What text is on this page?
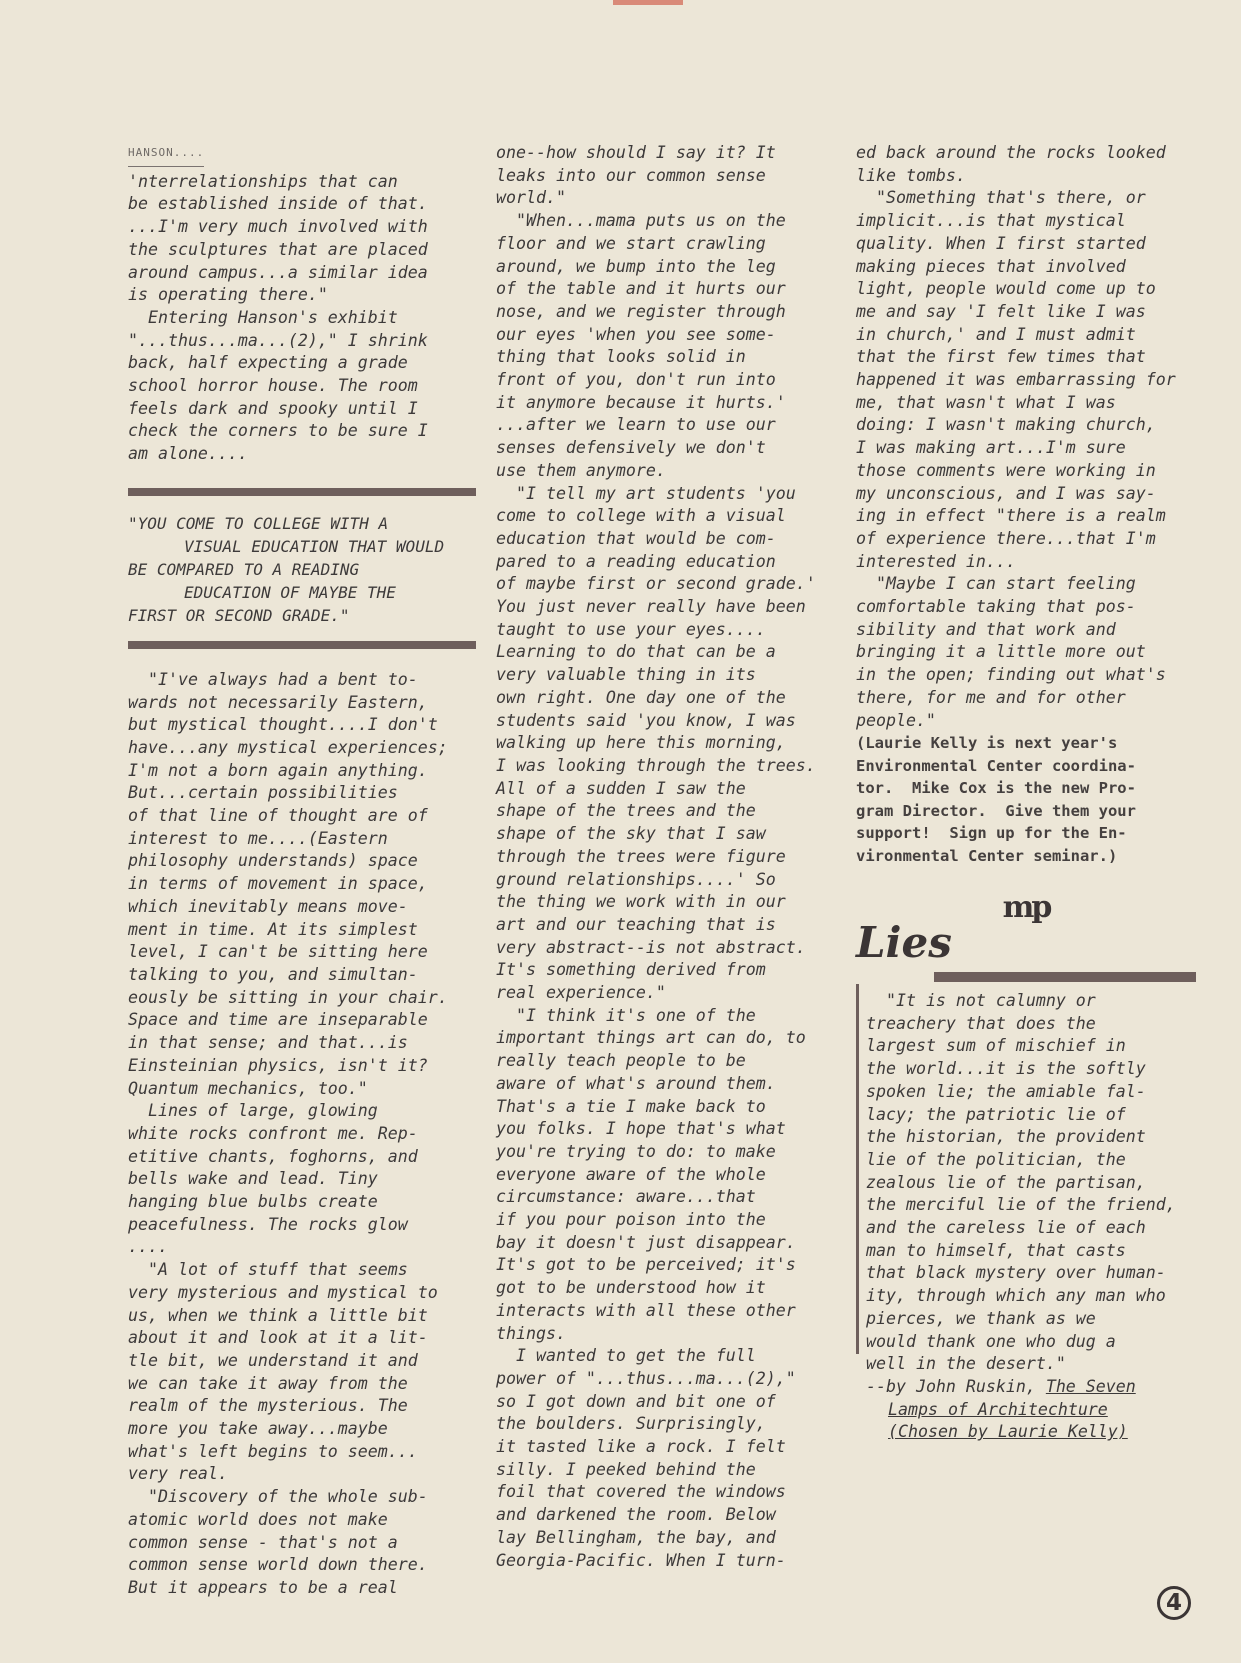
HANSON....

'nterrelationships that can
be established inside of that.
...I'm very much involved with
the sculptures that are placed
around campus...a similar idea
is operating there."

Entering Hanson's exhibit
"...thus...ma...(2)," I shrink
back, half expecting a grade
school horror house. The room
feels dark and spooky until I
check the corners to be sure I
am alone....

"YOU COME TO COLLEGE WITH A

VISUAL EDUCATION THAT WOULD

BE COMPARED TO A READING

EDUCATION OF MAYBE THE

FIRST OR SECOND GRADE."

"I've always had a bent to-
wards not necessarily Eastern,
but mystical thought....I don't
have...any mystical experiences;
I'm not a born again anything.
But...certain possibilities
of that line of thought are of
interest to me....(Eastern
philosophy understands) space
in terms of movement in space,
which inevitably means move-
ment in time. At its simplest
level, I can't be sitting here
talking to you, and simultan-
eously be sitting in your chair.
Space and time are inseparable
in that sense; and that...is
Einsteinian physics, isn't it?
Quantum mechanics, too."

Lines of large, glowing
white rocks confront me. Rep-
etitive chants, foghorns, and
bells wake and lead. Tiny
hanging blue bulbs create
peacefulness. The rocks glow
....

"A lot of stuff that seems
very mysterious and mystical to
us, when we think a little bit
about it and look at it a lit-
tle bit, we understand it and
we can take it away from the
realm of the mysterious. The
more you take away...maybe
what's left begins to seem...
very real.

"Discovery of the whole sub-
atomic world does not make
common sense - that's not a
common sense world down there.
But it appears to be a real

one--how should I say it? It
leaks into our common sense
world."

"When...mama puts us on the
floor and we start crawling
around, we bump into the leg
of the table and it hurts our
nose, and we register through
our eyes 'when you see some-
thing that looks solid in
front of you, don't run into
it anymore because it hurts.'
...after we learn to use our
senses defensively we don't
use them anymore.

"I tell my art students 'you
come to college with a visual
education that would be com-
pared to a reading education
of maybe first or second grade.'
You just never really have been
taught to use your eyes....
Learning to do that can be a
very valuable thing in its
own right. One day one of the
students said 'you know, I was
walking up here this morning,
I was looking through the trees.
All of a sudden I saw the
shape of the trees and the
shape of the sky that I saw
through the trees were figure
ground relationships....' So
the thing we work with in our
art and our teaching that is
very abstract--is not abstract.
It's something derived from
real experience."

"I think it's one of the
important things art can do, to
really teach people to be
aware of what's around them.
That's a tie I make back to
you folks. I hope that's what
you're trying to do: to make
everyone aware of the whole
circumstance: aware...that
if you pour poison into the
bay it doesn't just disappear.
It's got to be perceived; it's
got to be understood how it
interacts with all these other
things.

I wanted to get the full
power of "...thus...ma...(2),"
so I got down and bit one of
the boulders. Surprisingly,
it tasted like a rock. I felt
silly. I peeked behind the
foil that covered the windows
and darkened the room. Below
lay Bellingham, the bay, and
Georgia-Pacific. When I turn-

ed back around the rocks looked
like tombs.

"Something that's there, or
implicit...is that mystical
quality. When I first started
making pieces that involved
light, people would come up to
me and say 'I felt like I was
in church,' and I must admit
that the first few times that
happened it was embarrassing for
me, that wasn't what I was
doing: I wasn't making church,
I was making art...I'm sure
those comments were working in
my unconscious, and I was say-
ing in effect "there is a realm
of experience there...that I'm
interested in...

"Maybe I can start feeling
comfortable taking that pos-
sibility and that work and
bringing it a little more out
in the open; finding out what's
there, for me and for other
people."

(Laurie Kelly is next year's
Environmental Center coordina-
tor.  Mike Cox is the new Pro-
gram Director.  Give them your
support!  Sign up for the En-
vironmental Center seminar.)

mp
Lies

"It is not calumny or
treachery that does the
largest sum of mischief in
the world...it is the softly
spoken lie; the amiable fal-
lacy; the patriotic lie of
the historian, the provident
lie of the politician, the
zealous lie of the partisan,
the merciful lie of the friend,
and the careless lie of each
man to himself, that casts
that black mystery over human-
ity, through which any man who
pierces, we thank as we
would thank one who dug a
well in the desert."

--by John Ruskin, The Seven

Lamps of Architechture

(Chosen by Laurie Kelly)

4
